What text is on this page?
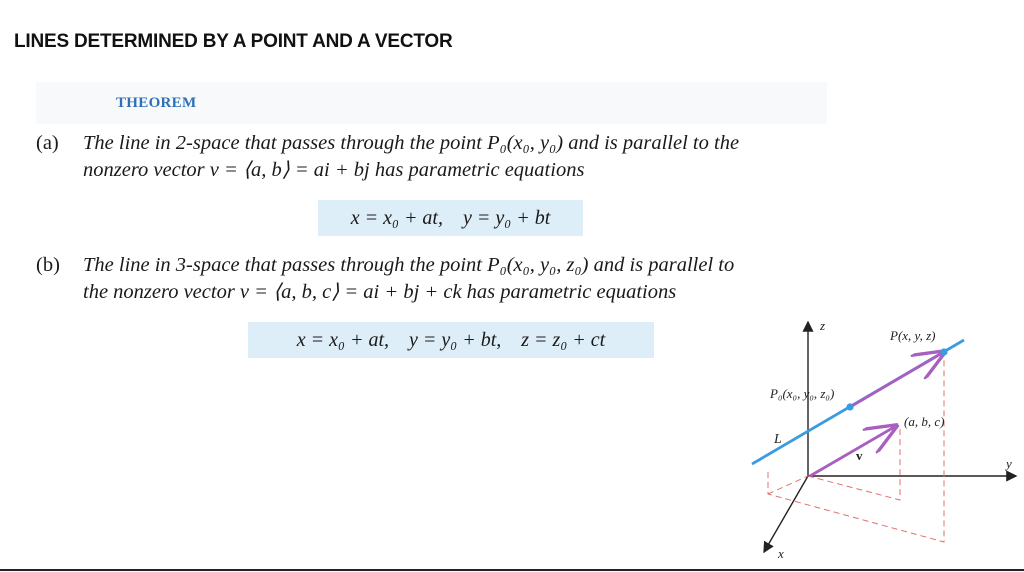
LINES DETERMINED BY A POINT AND A VECTOR
THEOREM
(a) The line in 2-space that passes through the point P₀(x₀, y₀) and is parallel to the
nonzero vector v = ⟨a, b⟩ = ai + bj has parametric equations
x = x₀ + at,    y = y₀ + bt
(b) The line in 3-space that passes through the point P₀(x₀, y₀, z₀) and is parallel to
the nonzero vector v = ⟨a, b, c⟩ = ai + bj + ck has parametric equations
x = x₀ + at,    y = y₀ + bt,    z = z₀ + ct
z
y
x
P(x, y, z)
P₀(x₀, y₀, z₀)
(a, b, c)
L
v
